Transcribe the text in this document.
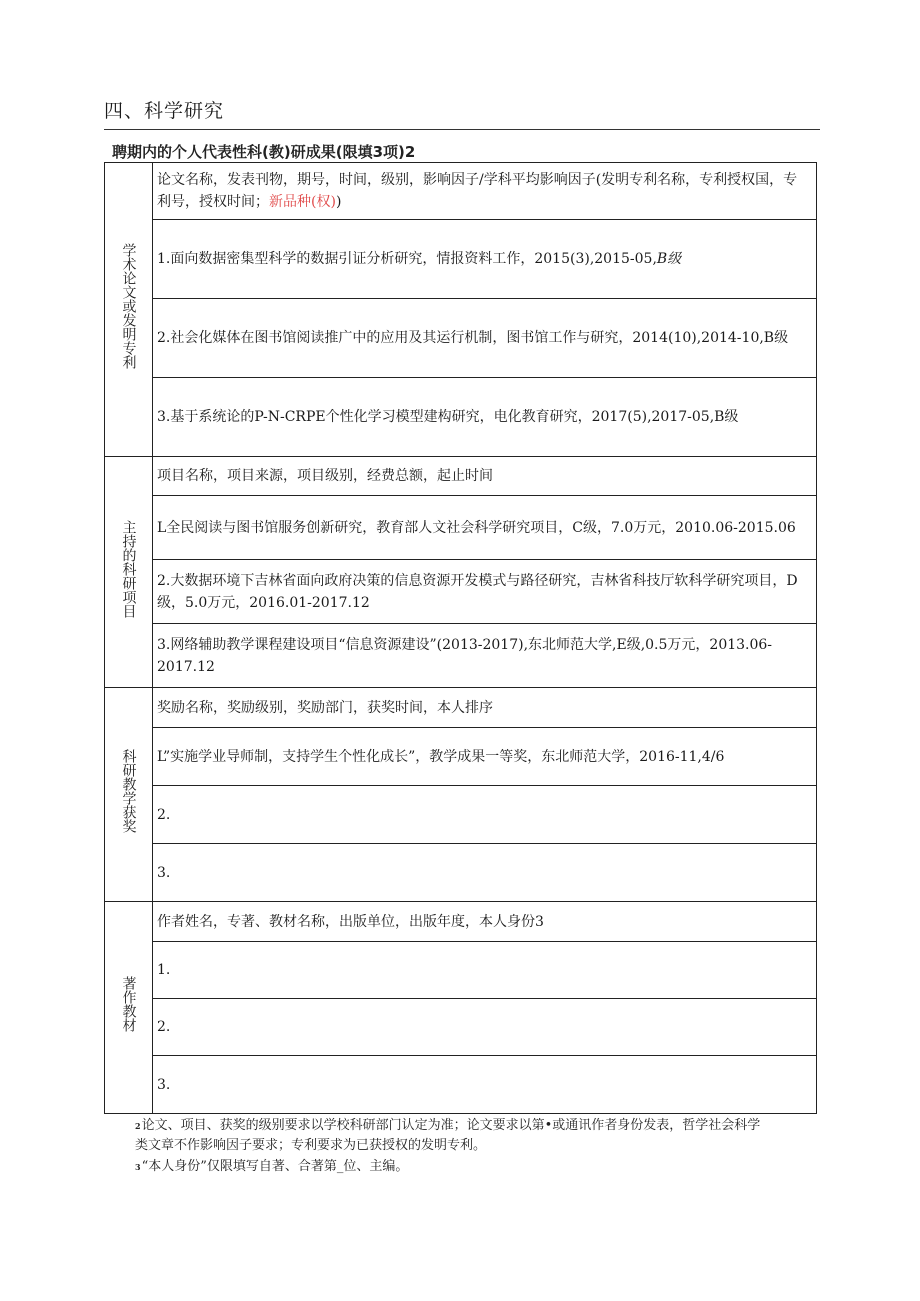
四、科学研究
聘期内的个人代表性科(教)研成果(限填3项)2
学术论文或发明专利	论文名称，发表刊物，期号，时间，级别，影响因子/学科平均影响因子(发明专利名称，专利授权国，专利号，授权时间；新品种(权))
	1.面向数据密集型科学的数据引证分析研究，情报资料工作，2015(3),2015-05,B级
	2.社会化媒体在图书馆阅读推广中的应用及其运行机制，图书馆工作与研究，2014(10),2014-10,B级
	3.基于系统论的P-N-CRPE个性化学习模型建构研究，电化教育研究，2017(5),2017-05,B级
主持的科研项目	项目名称，项目来源，项目级别，经费总额，起止时间
	L全民阅读与图书馆服务创新研究，教育部人文社会科学研究项目，C级，7.0万元，2010.06-2015.06
	2.大数据环境下吉林省面向政府决策的信息资源开发模式与路径研究，吉林省科技厅软科学研究项目，D级，5.0万元，2016.01-2017.12
	3.网络辅助教学课程建设项目“信息资源建设”(2013-2017),东北师范大学,E级,0.5万元，2013.06-2017.12
科研教学获奖	奖励名称，奖励级别，奖励部门，获奖时间，本人排序
	L”实施学业导师制，支持学生个性化成长”，教学成果一等奖，东北师范大学，2016-11,4/6
	2.
	3.
著作教材	作者姓名，专著、教材名称，出版单位，出版年度，本人身份3
	1.
	2.
	3.
2论文、项目、获奖的级别要求以学校科研部门认定为准；论文要求以第•或通讯作者身份发表，哲学社会科学
类文章不作影响因子要求；专利要求为已获授权的发明专利。
3“本人身份”仅限填写自著、合著第_位、主编。
